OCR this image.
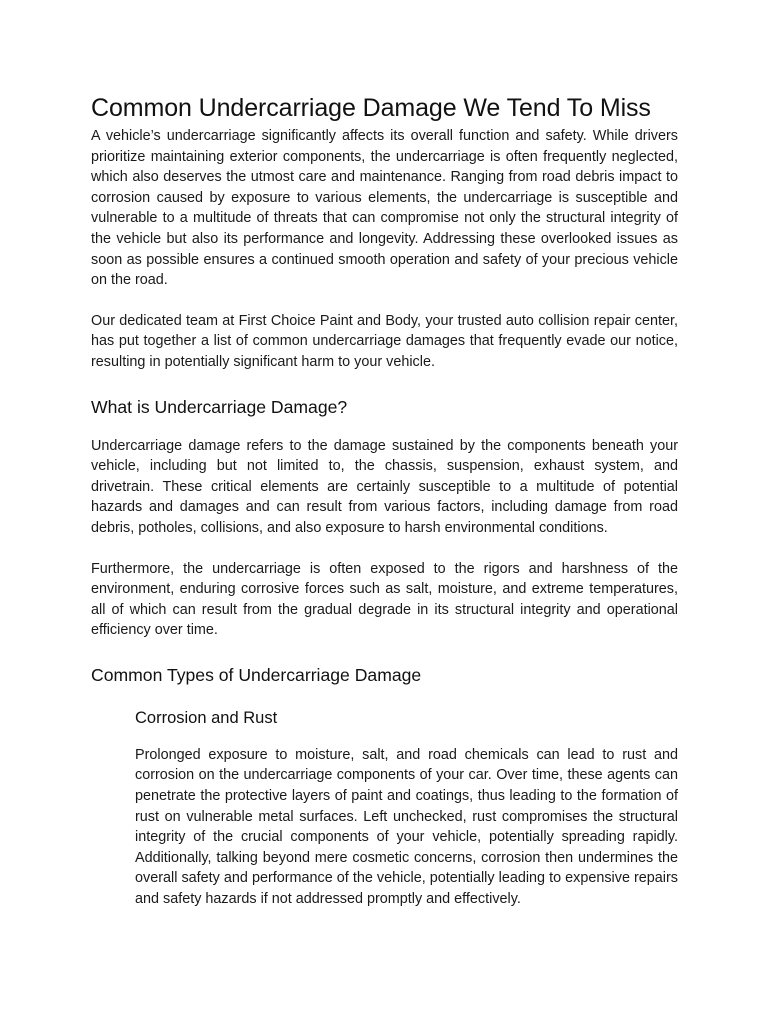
Common Undercarriage Damage We Tend To Miss

A vehicle’s undercarriage significantly affects its overall function and safety. While drivers prioritize maintaining exterior components, the undercarriage is often frequently neglected, which also deserves the utmost care and maintenance. Ranging from road debris impact to corrosion caused by exposure to various elements, the undercarriage is susceptible and vulnerable to a multitude of threats that can compromise not only the structural integrity of the vehicle but also its performance and longevity. Addressing these overlooked issues as soon as possible ensures a continued smooth operation and safety of your precious vehicle on the road.

Our dedicated team at First Choice Paint and Body, your trusted auto collision repair center, has put together a list of common undercarriage damages that frequently evade our notice, resulting in potentially significant harm to your vehicle.

What is Undercarriage Damage?

Undercarriage damage refers to the damage sustained by the components beneath your vehicle, including but not limited to, the chassis, suspension, exhaust system, and drivetrain. These critical elements are certainly susceptible to a multitude of potential hazards and damages and can result from various factors, including damage from road debris, potholes, collisions, and also exposure to harsh environmental conditions.

Furthermore, the undercarriage is often exposed to the rigors and harshness of the environment, enduring corrosive forces such as salt, moisture, and extreme temperatures, all of which can result from the gradual degrade in its structural integrity and operational efficiency over time.

Common Types of Undercarriage Damage
Corrosion and Rust

Prolonged exposure to moisture, salt, and road chemicals can lead to rust and corrosion on the undercarriage components of your car. Over time, these agents can penetrate the protective layers of paint and coatings, thus leading to the formation of rust on vulnerable metal surfaces. Left unchecked, rust compromises the structural integrity of the crucial components of your vehicle, potentially spreading rapidly. Additionally, talking beyond mere cosmetic concerns, corrosion then undermines the overall safety and performance of the vehicle, potentially leading to expensive repairs and safety hazards if not addressed promptly and effectively.
